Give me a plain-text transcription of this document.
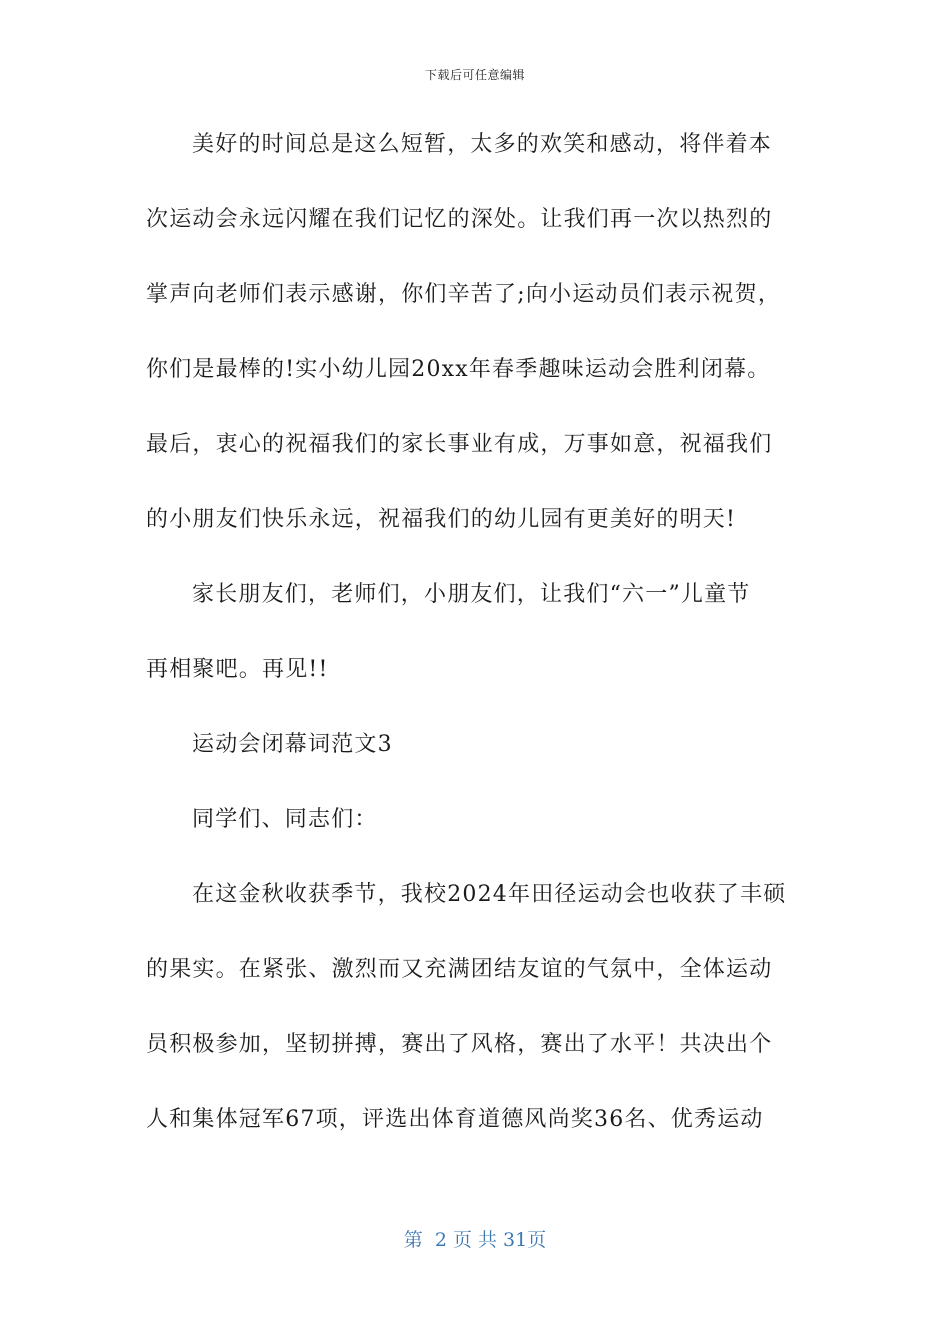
下载后可任意编辑
美好的时间总是这么短暂，太多的欢笑和感动，将伴着本
次运动会永远闪耀在我们记忆的深处。让我们再一次以热烈的
掌声向老师们表示感谢，你们辛苦了;向小运动员们表示祝贺，
你们是最棒的!实小幼儿园20xx年春季趣味运动会胜利闭幕。
最后，衷心的祝福我们的家长事业有成，万事如意，祝福我们
的小朋友们快乐永远，祝福我们的幼儿园有更美好的明天!
家长朋友们，老师们，小朋友们，让我们“六一”儿童节
再相聚吧。再见!!
运动会闭幕词范文3
同学们、同志们：
在这金秋收获季节，我校2024年田径运动会也收获了丰硕
的果实。在紧张、激烈而又充满团结友谊的气氛中，全体运动
员积极参加，坚韧拼搏，赛出了风格，赛出了水平！共决出个
人和集体冠军67项，评选出体育道德风尚奖36名、优秀运动
第  2 页 共 31页
